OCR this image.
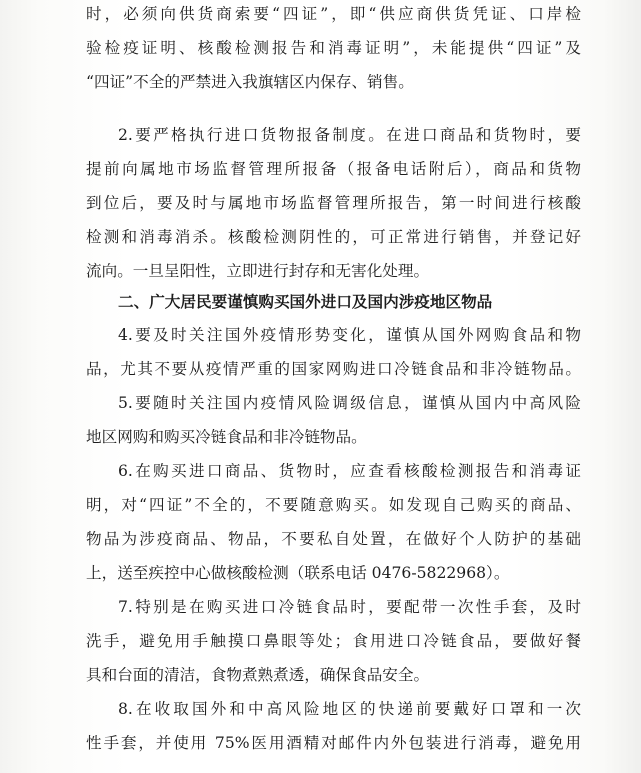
时，必须向供货商索要“四证”，即“供应商供货凭证、口岸检

验检疫证明、核酸检测报告和消毒证明”，未能提供“四证”及

“四证”不全的严禁进入我旗辖区内保存、销售。

2.要严格执行进口货物报备制度。在进口商品和货物时，要

提前向属地市场监督管理所报备（报备电话附后），商品和货物

到位后，要及时与属地市场监督管理所报告，第一时间进行核酸

检测和消毒消杀。核酸检测阴性的，可正常进行销售，并登记好

流向。一旦呈阳性，立即进行封存和无害化处理。

二、广大居民要谨慎购买国外进口及国内涉疫地区物品

4.要及时关注国外疫情形势变化，谨慎从国外网购食品和物

品，尤其不要从疫情严重的国家网购进口冷链食品和非冷链物品。

5.要随时关注国内疫情风险调级信息，谨慎从国内中高风险

地区网购和购买冷链食品和非冷链物品。

6.在购买进口商品、货物时，应查看核酸检测报告和消毒证

明，对“四证”不全的，不要随意购买。如发现自己购买的商品、

物品为涉疫商品、物品，不要私自处置，在做好个人防护的基础

上，送至疾控中心做核酸检测（联系电话 0476-5822968）。

7.特别是在购买进口冷链食品时，要配带一次性手套，及时

洗手，避免用手触摸口鼻眼等处；食用进口冷链食品，要做好餐

具和台面的清洁，食物煮熟煮透，确保食品安全。

8.在收取国外和中高风险地区的快递前要戴好口罩和一次

性手套，并使用 75%医用酒精对邮件内外包装进行消毒，避免用
